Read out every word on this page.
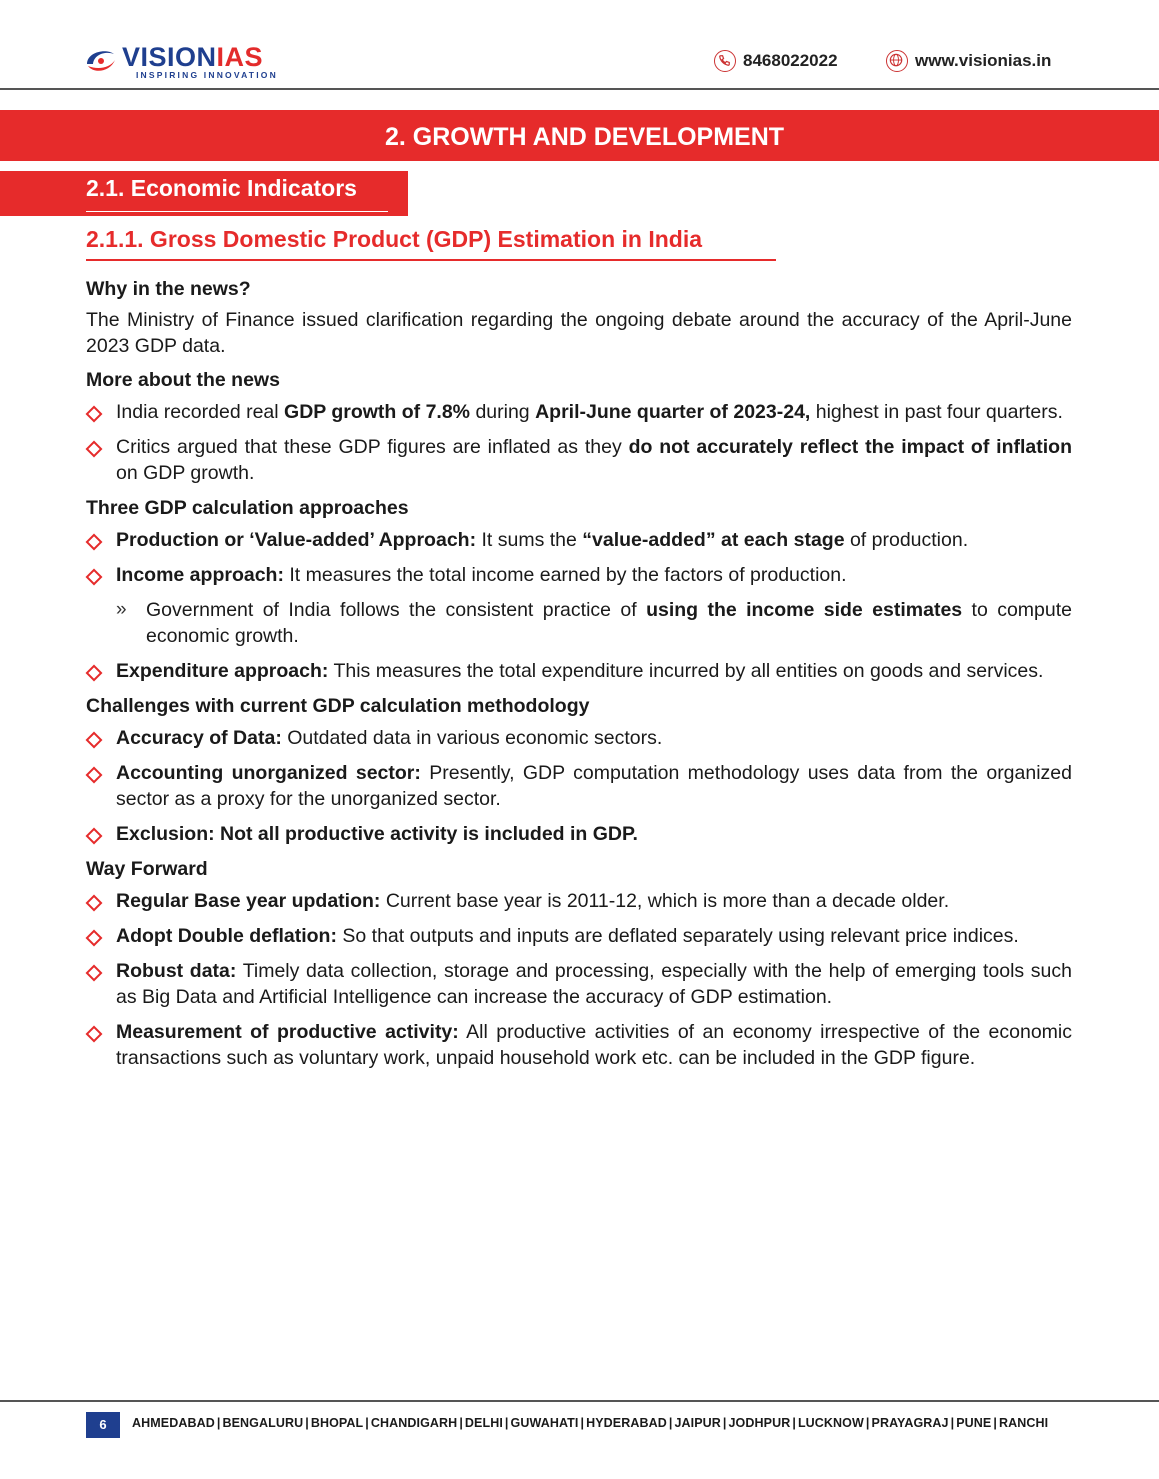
VISIONIAS
INSPIRING INNOVATION
8468022022	www.visionias.in
2. GROWTH AND DEVELOPMENT
2.1. Economic Indicators
2.1.1. Gross Domestic Product (GDP) Estimation in India
Why in the news?

The Ministry of Finance issued clarification regarding the ongoing debate around the accuracy of the April-June 2023 GDP data.

More about the news
India recorded real GDP growth of 7.8% during April-June quarter of 2023-24, highest in past four quarters.
Critics argued that these GDP figures are inflated as they do not accurately reflect the impact of inflation on GDP growth.
Three GDP calculation approaches
Production or ‘Value-added’ Approach: It sums the “value-added” at each stage of production.
Income approach: It measures the total income earned by the factors of production.
» Government of India follows the consistent practice of using the income side estimates to compute economic growth.
Expenditure approach: This measures the total expenditure incurred by all entities on goods and services.
Challenges with current GDP calculation methodology
Accuracy of Data: Outdated data in various economic sectors.
Accounting unorganized sector: Presently, GDP computation methodology uses data from the organized sector as a proxy for the unorganized sector.
Exclusion: Not all productive activity is included in GDP.
Way Forward
Regular Base year updation: Current base year is 2011-12, which is more than a decade older.
Adopt Double deflation: So that outputs and inputs are deflated separately using relevant price indices.
Robust data: Timely data collection, storage and processing, especially with the help of emerging tools such as Big Data and Artificial Intelligence can increase the accuracy of GDP estimation.
Measurement of productive activity: All productive activities of an economy irrespective of the economic transactions such as voluntary work, unpaid household work etc. can be included in the GDP figure.
6	AHMEDABAD | BENGALURU | BHOPAL | CHANDIGARH | DELHI | GUWAHATI | HYDERABAD | JAIPUR | JODHPUR | LUCKNOW | PRAYAGRAJ | PUNE | RANCHI
